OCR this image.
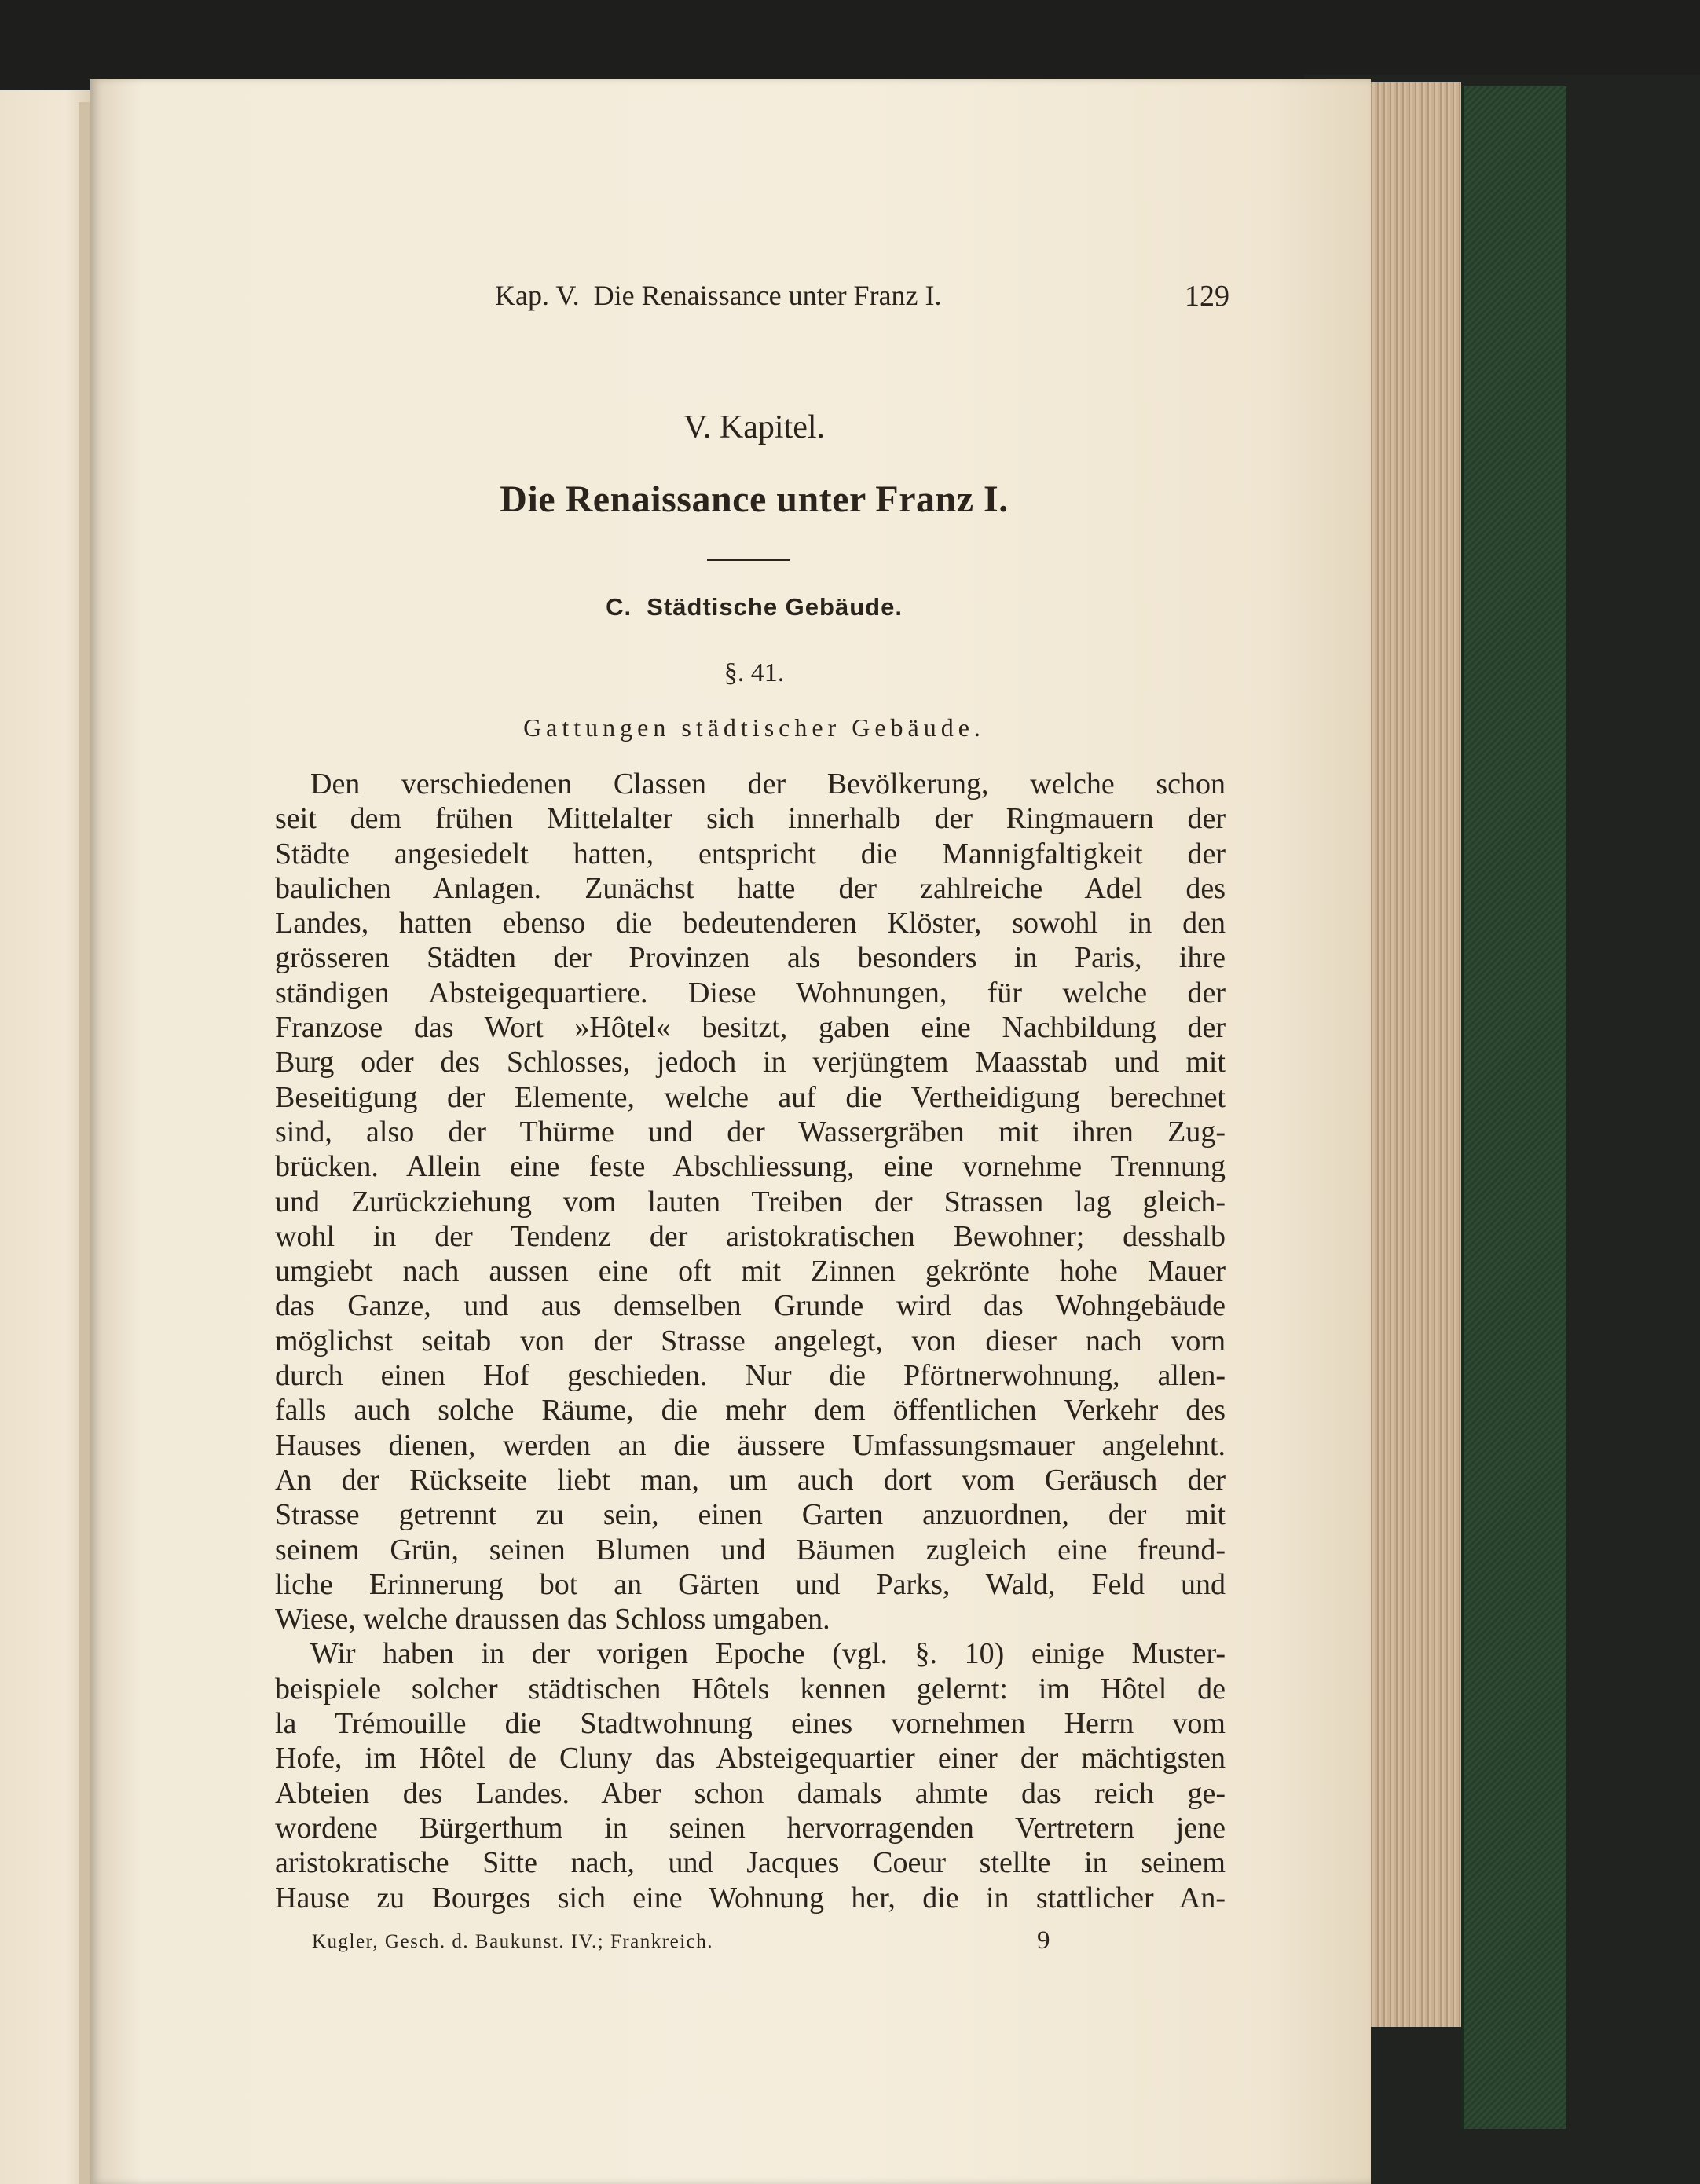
Kap. V.  Die Renaissance unter Franz I.	129
V. Kapitel.
Die Renaissance unter Franz I.
C.  Städtische Gebäude.
§. 41.
Gattungen städtischer Gebäude.
Den verschiedenen Classen der Bevölkerung, welche schon
seit dem frühen Mittelalter sich innerhalb der Ringmauern der
Städte angesiedelt hatten, entspricht die Mannigfaltigkeit der
baulichen Anlagen. Zunächst hatte der zahlreiche Adel des
Landes, hatten ebenso die bedeutenderen Klöster, sowohl in den
grösseren Städten der Provinzen als besonders in Paris, ihre
ständigen Absteigequartiere. Diese Wohnungen, für welche der
Franzose das Wort »Hôtel« besitzt, gaben eine Nachbildung der
Burg oder des Schlosses, jedoch in verjüngtem Maasstab und mit
Beseitigung der Elemente, welche auf die Vertheidigung berechnet
sind, also der Thürme und der Wassergräben mit ihren Zug-
brücken. Allein eine feste Abschliessung, eine vornehme Trennung
und Zurückziehung vom lauten Treiben der Strassen lag gleich-
wohl in der Tendenz der aristokratischen Bewohner; desshalb
umgiebt nach aussen eine oft mit Zinnen gekrönte hohe Mauer
das Ganze, und aus demselben Grunde wird das Wohngebäude
möglichst seitab von der Strasse angelegt, von dieser nach vorn
durch einen Hof geschieden. Nur die Pförtnerwohnung, allen-
falls auch solche Räume, die mehr dem öffentlichen Verkehr des
Hauses dienen, werden an die äussere Umfassungsmauer angelehnt.
An der Rückseite liebt man, um auch dort vom Geräusch der
Strasse getrennt zu sein, einen Garten anzuordnen, der mit
seinem Grün, seinen Blumen und Bäumen zugleich eine freund-
liche Erinnerung bot an Gärten und Parks, Wald, Feld und
Wiese, welche draussen das Schloss umgaben.
Wir haben in der vorigen Epoche (vgl. §. 10) einige Muster-
beispiele solcher städtischen Hôtels kennen gelernt: im Hôtel de
la Trémouille die Stadtwohnung eines vornehmen Herrn vom
Hofe, im Hôtel de Cluny das Absteigequartier einer der mächtigsten
Abteien des Landes. Aber schon damals ahmte das reich ge-
wordene Bürgerthum in seinen hervorragenden Vertretern jene
aristokratische Sitte nach, und Jacques Coeur stellte in seinem
Hause zu Bourges sich eine Wohnung her, die in stattlicher An-
Kugler, Gesch. d. Baukunst. IV.; Frankreich.	9
